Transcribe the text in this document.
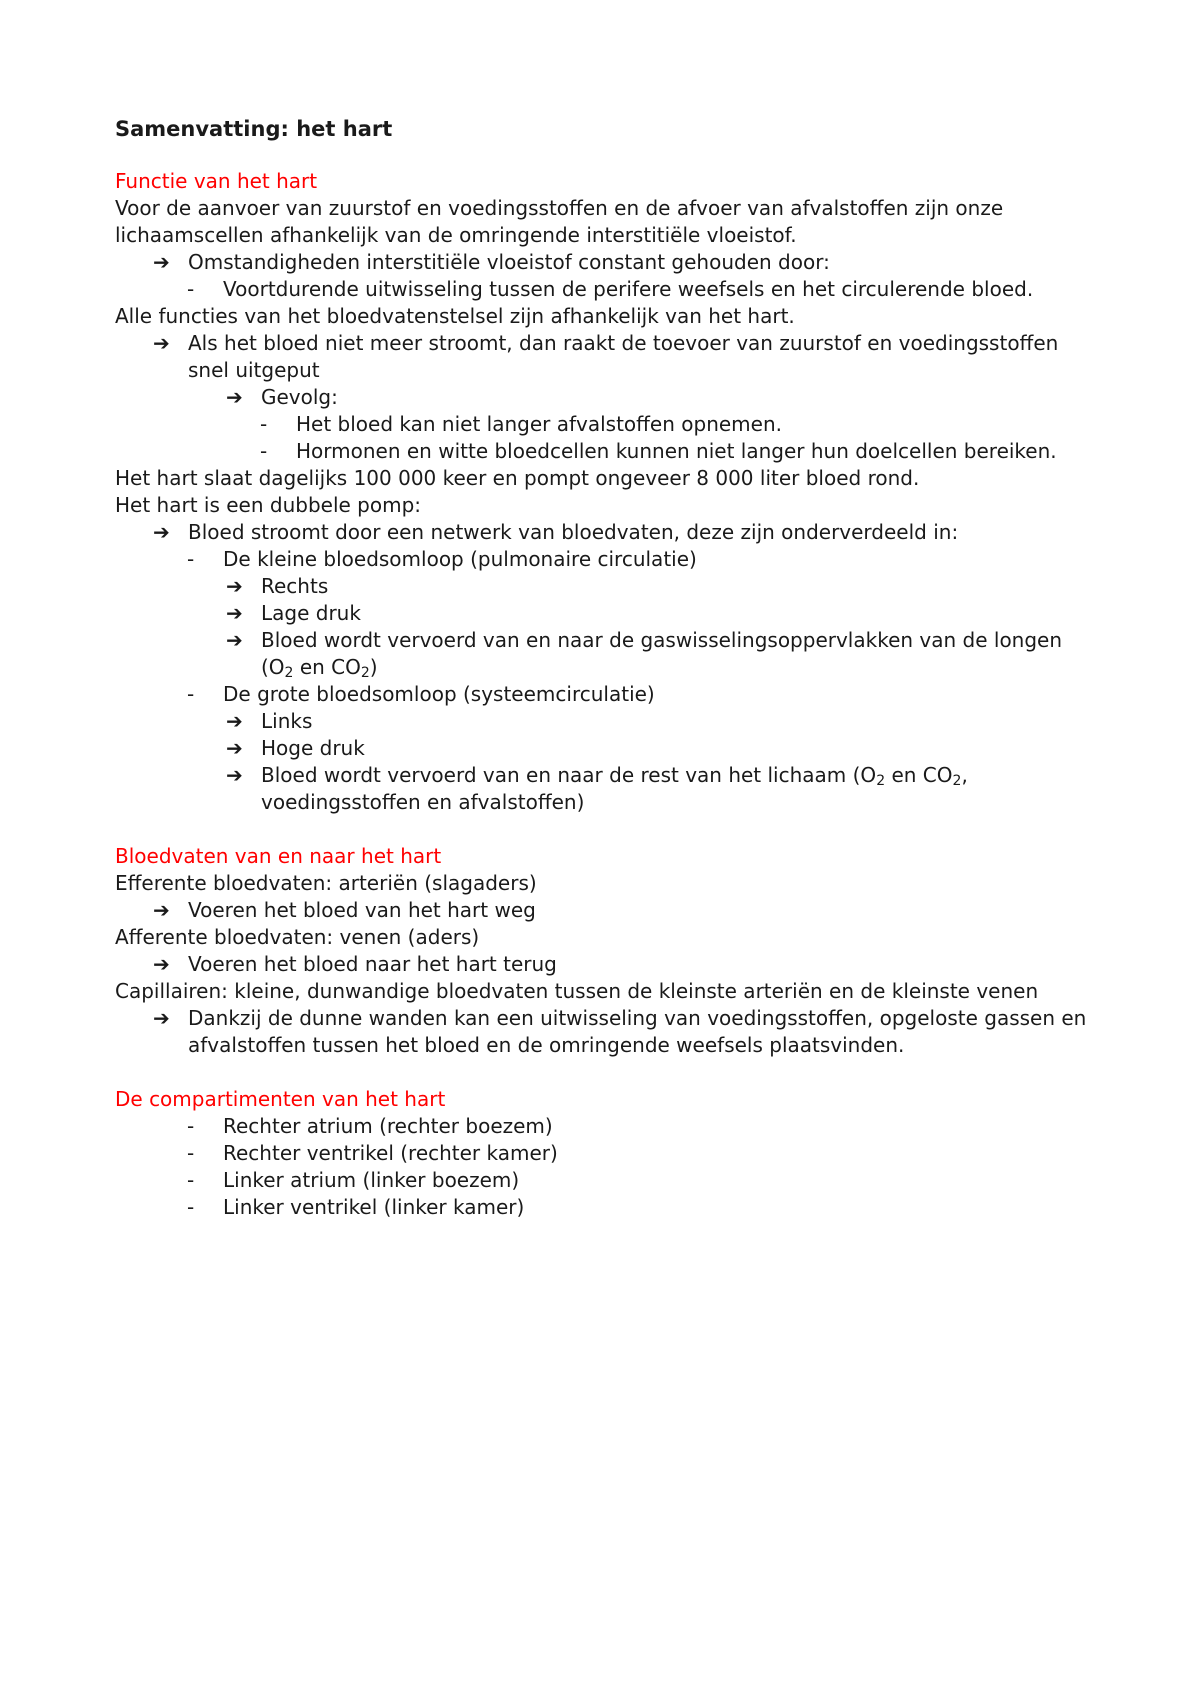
Samenvatting: het hart
Functie van het hart

Voor de aanvoer van zuurstof en voedingsstoffen en de afvoer van afvalstoffen zijn onze lichaamscellen afhankelijk van de omringende interstitiële vloeistof.

➔ Omstandigheden interstitiële vloeistof constant gehouden door:
-	Voortdurende uitwisseling tussen de perifere weefsels en het circulerende bloed.

Alle functies van het bloedvatenstelsel zijn afhankelijk van het hart.

➔ Als het bloed niet meer stroomt, dan raakt de toevoer van zuurstof en voedingsstoffen snel uitgeput
➔ Gevolg:
-	Het bloed kan niet langer afvalstoffen opnemen.
-	Hormonen en witte bloedcellen kunnen niet langer hun doelcellen bereiken.

Het hart slaat dagelijks 100 000 keer en pompt ongeveer 8 000 liter bloed rond.

Het hart is een dubbele pomp:

➔ Bloed stroomt door een netwerk van bloedvaten, deze zijn onderverdeeld in:
-	De kleine bloedsomloop (pulmonaire circulatie)
➔ Rechts
➔ Lage druk
➔ Bloed wordt vervoerd van en naar de gaswisselingsoppervlakken van de longen ($O_2$ en $CO_2$)
-	De grote bloedsomloop (systeemcirculatie)
➔ Links
➔ Hoge druk
➔ Bloed wordt vervoerd van en naar de rest van het lichaam ($O_2$ en $CO_2$, voedingsstoffen en afvalstoffen)
Bloedvaten van en naar het hart

Efferente bloedvaten: arteriën (slagaders)

➔ Voeren het bloed van het hart weg

Afferente bloedvaten: venen (aders)

➔ Voeren het bloed naar het hart terug

Capillairen: kleine, dunwandige bloedvaten tussen de kleinste arteriën en de kleinste venen

➔ Dankzij de dunne wanden kan een uitwisseling van voedingsstoffen, opgeloste gassen en afvalstoffen tussen het bloed en de omringende weefsels plaatsvinden.
De compartimenten van het hart
-	Rechter atrium (rechter boezem)
-	Rechter ventrikel (rechter kamer)
-	Linker atrium (linker boezem)
-	Linker ventrikel (linker kamer)
